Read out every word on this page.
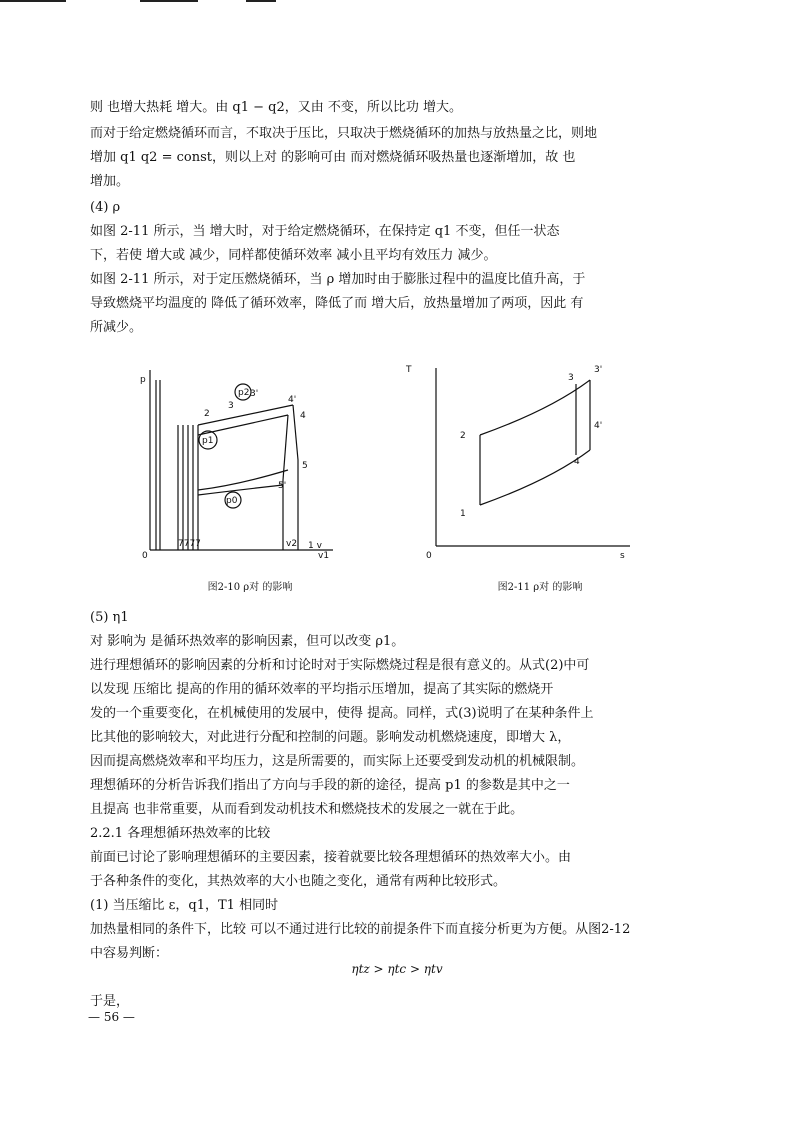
则 也增大热耗 增大。由 q1 − q2，又由 不变，所以比功 增大。
而对于给定燃烧循环而言，不取决于压比，只取决于燃烧循环的加热与放热量之比，则地
增加 q1 q2 = const，则以上对 的影响可由 而对燃烧循环吸热量也逐渐增加，故 也
增加。
(4) ρ
如图 2-11 所示，当 增大时，对于给定燃烧循环，在保持定 q1 不变，但任一状态
下，若使 增大或 减少，同样都使循环效率 减小且平均有效压力 减少。
如图 2-11 所示，对于定压燃烧循环，当 ρ 增加时由于膨胀过程中的温度比值升高，于
导致燃烧平均温度的 降低了循环效率，降低了而 增大后，放热量增加了两项，因此 有
所减少。
(5) η1
对 影响为 是循环热效率的影响因素，但可以改变 ρ1。
进行理想循环的影响因素的分析和讨论时对于实际燃烧过程是很有意义的。从式(2)中可
以发现 压缩比 提高的作用的循环效率的平均指示压增加，提高了其实际的燃烧开
发的一个重要变化，在机械使用的发展中，使得 提高。同样，式(3)说明了在某种条件上
比其他的影响较大，对此进行分配和控制的问题。影响发动机燃烧速度，即增大 λ，
因而提高燃烧效率和平均压力，这是所需要的，而实际上还要受到发动机的机械限制。
理想循环的分析告诉我们指出了方向与手段的新的途径，提高 p1 的参数是其中之一
且提高 也非常重要，从而看到发动机技术和燃烧技术的发展之一就在于此。
2.2.1 各理想循环热效率的比较
前面已讨论了影响理想循环的主要因素，接着就要比较各理想循环的热效率大小。由
于各种条件的变化，其热效率的大小也随之变化，通常有两种比较形式。
(1) 当压缩比 ε，q1，T1 相同时
加热量相同的条件下，比较 可以不通过进行比较的前提条件下而直接分析更为方便。从图2-12
中容易判断：
于是，
p
1 v
0
3'
3
2
p2
p1
p0
4'
4
5
5'
7777	v2
v1
T
s
0
2
1
3
3'
4
4'
图2-10 ρ对 的影响	图2-11 ρ对 的影响
ηtz > ηtc > ηtv
— 56 —
